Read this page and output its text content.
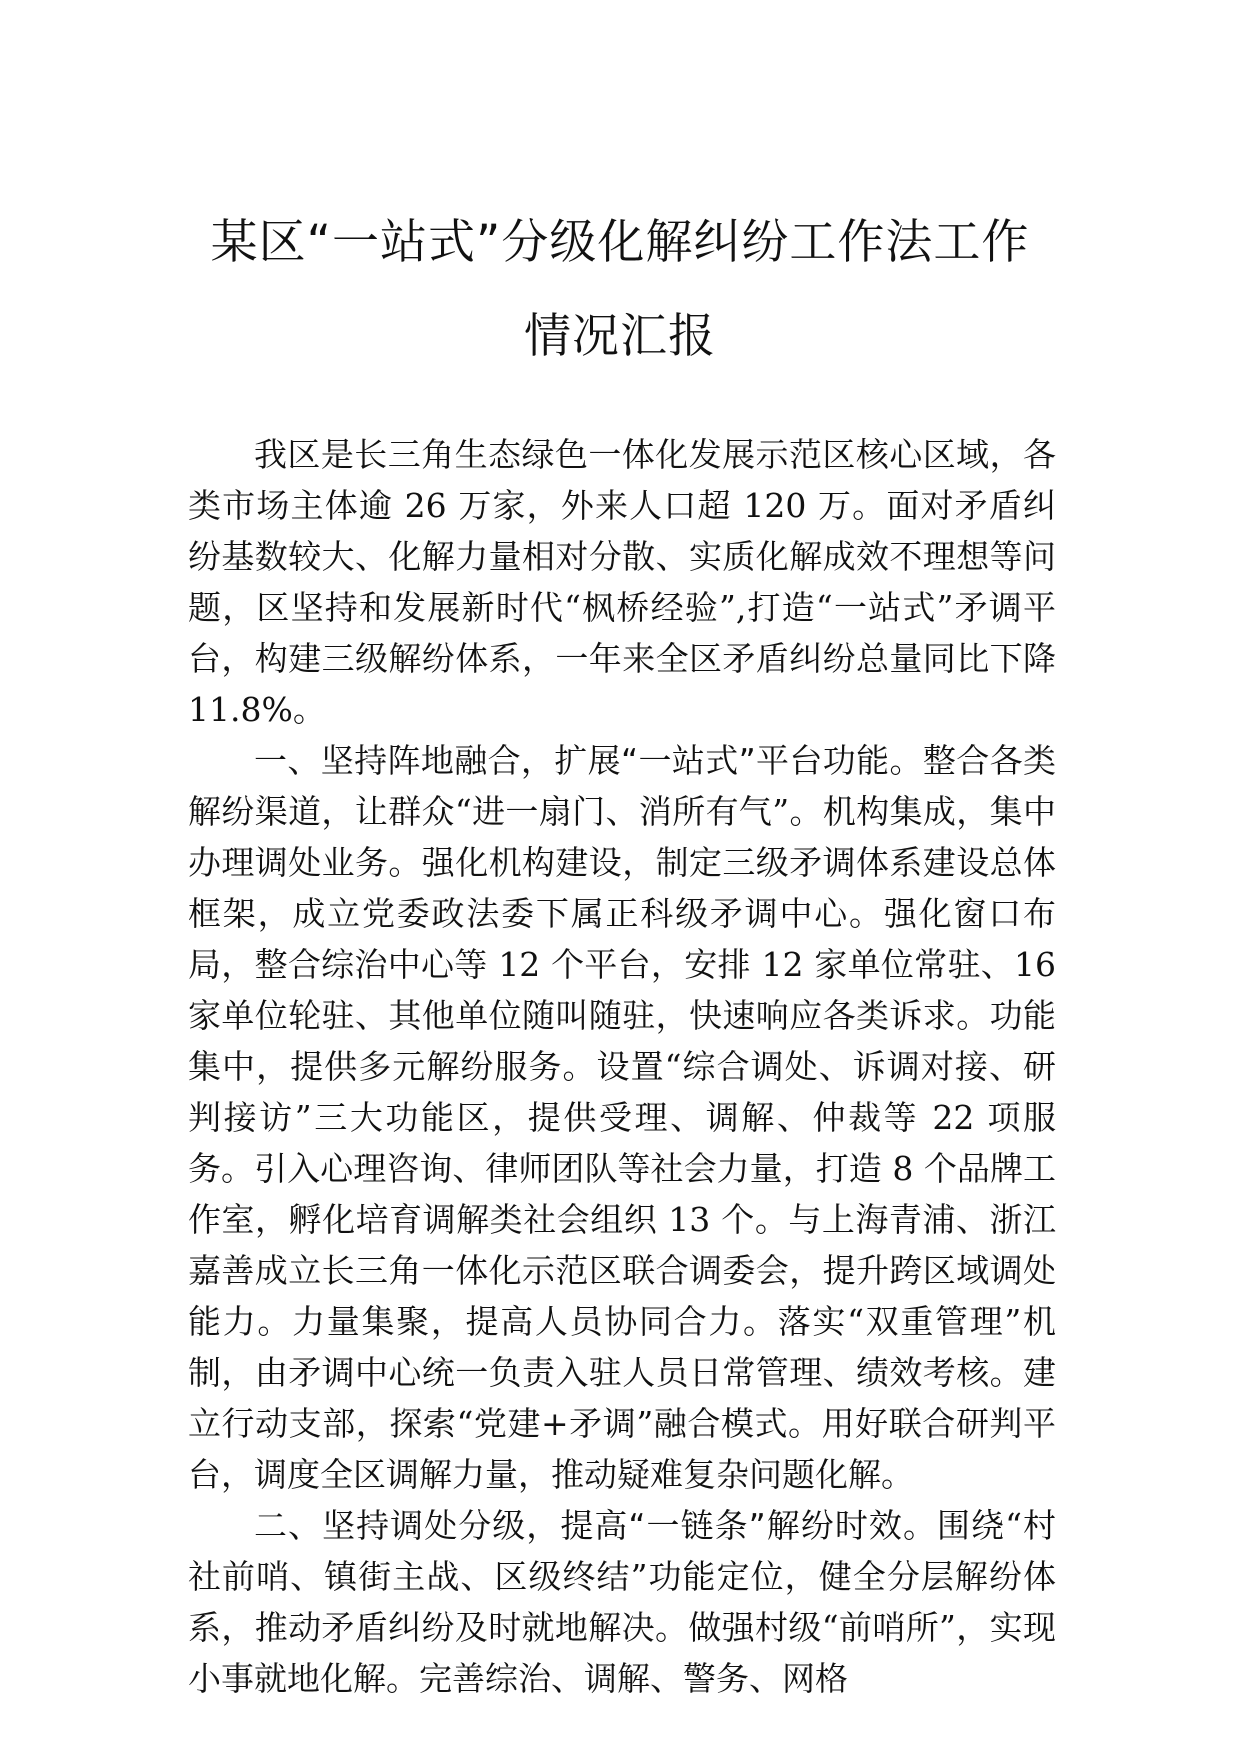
某区“一站式”分级化解纠纷工作法工作
情况汇报

我区是长三角生态绿色一体化发展示范区核心区域，各类市场主体逾 26 万家，外来人口超 120 万。面对矛盾纠纷基数较大、化解力量相对分散、实质化解成效不理想等问题，区坚持和发展新时代“枫桥经验”,打造“一站式”矛调平台，构建三级解纷体系，一年来全区矛盾纠纷总量同比下降 11.8%。

一、坚持阵地融合，扩展“一站式”平台功能。整合各类解纷渠道，让群众“进一扇门、消所有气”。机构集成，集中办理调处业务。强化机构建设，制定三级矛调体系建设总体框架，成立党委政法委下属正科级矛调中心。强化窗口布局，整合综治中心等 12 个平台，安排 12 家单位常驻、16 家单位轮驻、其他单位随叫随驻，快速响应各类诉求。功能集中，提供多元解纷服务。设置“综合调处、诉调对接、研判接访”三大功能区，提供受理、调解、仲裁等 22 项服务。引入心理咨询、律师团队等社会力量，打造 8 个品牌工作室，孵化培育调解类社会组织 13 个。与上海青浦、浙江嘉善成立长三角一体化示范区联合调委会，提升跨区域调处能力。力量集聚，提高人员协同合力。落实“双重管理”机制，由矛调中心统一负责入驻人员日常管理、绩效考核。建立行动支部，探索“党建+矛调”融合模式。用好联合研判平台，调度全区调解力量，推动疑难复杂问题化解。

二、坚持调处分级，提高“一链条”解纷时效。围绕“村社前哨、镇街主战、区级终结”功能定位，健全分层解纷体系，推动矛盾纠纷及时就地解决。做强村级“前哨所”，实现小事就地化解。完善综治、调解、警务、网格
